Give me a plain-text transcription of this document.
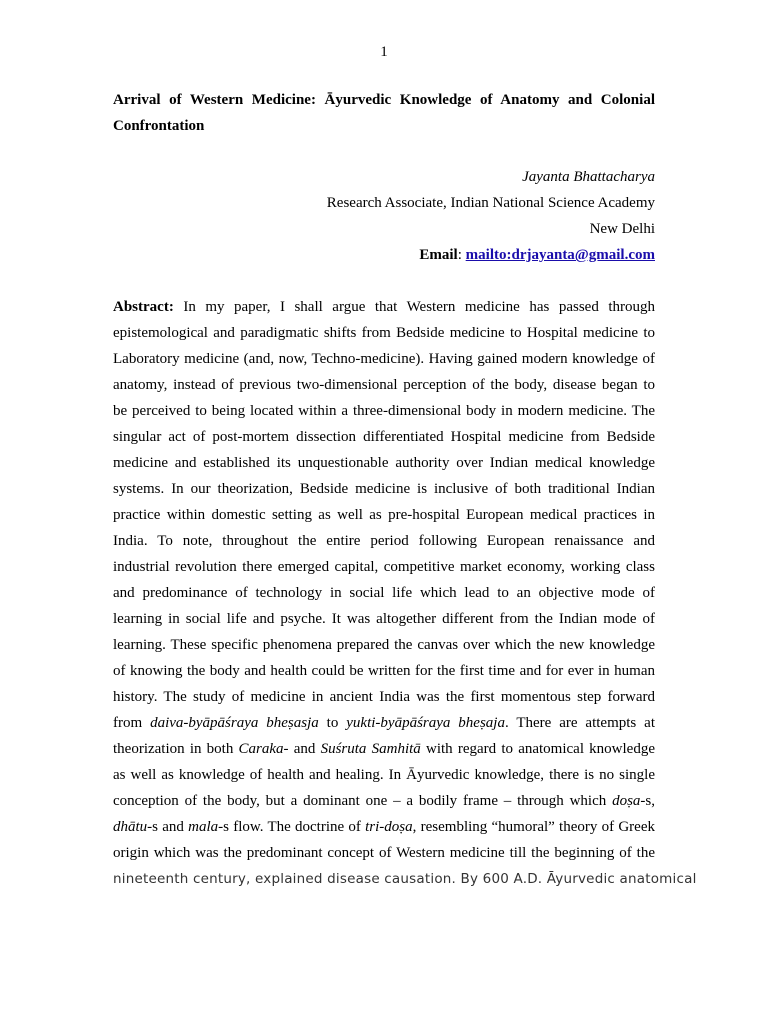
1
Arrival of Western Medicine: Āyurvedic Knowledge of Anatomy and Colonial Confrontation
Jayanta Bhattacharya
Research Associate, Indian National Science Academy
New Delhi
Email: mailto:drjayanta@gmail.com
Abstract: In my paper, I shall argue that Western medicine has passed through
epistemological and paradigmatic shifts from Bedside medicine to Hospital medicine to
Laboratory medicine (and, now, Techno-medicine). Having gained modern knowledge of
anatomy, instead of previous two-dimensional perception of the body, disease began to
be perceived to being located within a three-dimensional body in modern medicine. The
singular act of post-mortem dissection differentiated Hospital medicine from Bedside
medicine and established its unquestionable authority over Indian medical knowledge
systems. In our theorization, Bedside medicine is inclusive of both traditional Indian
practice within domestic setting as well as pre-hospital European medical practices in
India. To note, throughout the entire period following European renaissance and
industrial revolution there emerged capital, competitive market economy, working class
and predominance of technology in social life which lead to an objective mode of
learning in social life and psyche. It was altogether different from the Indian mode of
learning. These specific phenomena prepared the canvas over which the new knowledge
of knowing the body and health could be written for the first time and for ever in human
history. The study of medicine in ancient India was the first momentous step forward
from daiva-byāpāśraya bheṣasja to yukti-byāpāśraya bheṣaja. There are attempts at
theorization in both Caraka- and Suśruta Samhitā with regard to anatomical knowledge
as well as knowledge of health and healing. In Āyurvedic knowledge, there is no single
conception of the body, but a dominant one – a bodily frame – through which doṣa-s,
dhātu-s and mala-s flow. The doctrine of tri-doṣa, resembling “humoral” theory of Greek
origin which was the predominant concept of Western medicine till the beginning of the
nineteenth century, explained disease causation. By 600 A.D. Āyurvedic anatomical
